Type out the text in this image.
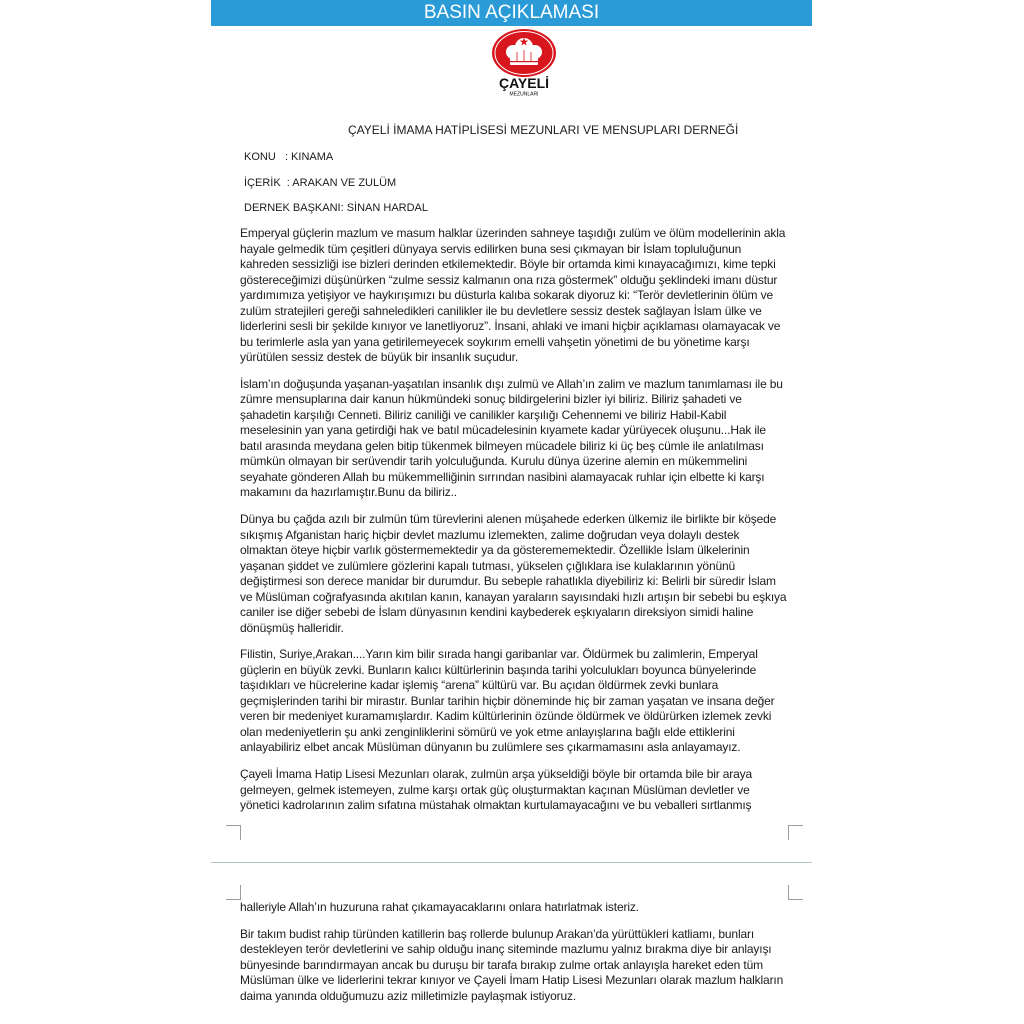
BASIN AÇIKLAMASI
ÇAYELİ
MEZUNLARI
ÇAYELİ İMAMA HATİPLİSESİ MEZUNLARI VE MENSUPLARI DERNEĞİ
KONU   : KINAMA
İÇERİK  : ARAKAN VE ZULÜM
DERNEK BAŞKANI: SİNAN HARDAL
Emperyal güçlerin mazlum ve masum halklar üzerinden sahneye taşıdığı zulüm ve ölüm modellerinin akla
hayale gelmedik tüm çeşitleri dünyaya servis edilirken buna sesi çıkmayan bir İslam topluluğunun
kahreden sessizliği ise bizleri derinden etkilemektedir. Böyle bir ortamda kimi kınayacağımızı, kime tepki
göstereceğimizi düşünürken “zulme sessiz kalmanın ona rıza göstermek” olduğu şeklindeki imanı düstur
yardımımıza yetişiyor ve haykırışımızı bu düsturla kalıba sokarak diyoruz ki: “Terör devletlerinin ölüm ve
zulüm stratejileri gereği sahneledikleri canilikler ile bu devletlere sessiz destek sağlayan İslam ülke ve
liderlerini sesli bir şekilde kınıyor ve lanetliyoruz”. İnsani, ahlaki ve imani hiçbir açıklaması olamayacak ve
bu terimlerle asla yan yana getirilemeyecek soykırım emelli vahşetin yönetimi de bu yönetime karşı
yürütülen sessiz destek de büyük bir insanlık suçudur.
İslam’ın doğuşunda yaşanan-yaşatılan insanlık dışı zulmü ve Allah’ın zalim ve mazlum tanımlaması ile bu
zümre mensuplarına dair kanun hükmündeki sonuç bildirgelerini bizler iyi biliriz. Biliriz şahadeti ve
şahadetin karşılığı Cenneti. Biliriz caniliği ve canilikler karşılığı Cehennemi ve biliriz Habil-Kabil
meselesinin yan yana getirdiği hak ve batıl mücadelesinin kıyamete kadar yürüyecek oluşunu...Hak ile
batıl arasında meydana gelen bitip tükenmek bilmeyen mücadele biliriz ki üç beş cümle ile anlatılması
mümkün olmayan bir serüvendir tarih yolculuğunda. Kurulu dünya üzerine alemin en mükemmelini
seyahate gönderen Allah bu mükemmelliğinin sırrından nasibini alamayacak ruhlar için elbette ki karşı
makamını da hazırlamıştır.Bunu da biliriz..
Dünya bu çağda azılı bir zulmün tüm türevlerini alenen müşahede ederken ülkemiz ile birlikte bir köşede
sıkışmış Afganistan hariç hiçbir devlet mazlumu izlemekten, zalime doğrudan veya dolaylı destek
olmaktan öteye hiçbir varlık göstermemektedir ya da gösterememektedir. Özellikle İslam ülkelerinin
yaşanan şiddet ve zulümlere gözlerini kapalı tutması, yükselen çığlıklara ise kulaklarının yönünü
değiştirmesi son derece manidar bir durumdur. Bu sebeple rahatlıkla diyebiliriz ki: Belirli bir süredir İslam
ve Müslüman coğrafyasında akıtılan kanın, kanayan yaraların sayısındaki hızlı artışın bir sebebi bu eşkıya
caniler ise diğer sebebi de İslam dünyasının kendini kaybederek eşkıyaların direksiyon simidi haline
dönüşmüş halleridir.
Filistin, Suriye,Arakan....Yarın kim bilir sırada hangi garibanlar var. Öldürmek bu zalimlerin, Emperyal
güçlerin en büyük zevki. Bunların kalıcı kültürlerinin başında tarihi yolculukları boyunca bünyelerinde
taşıdıkları ve hücrelerine kadar işlemiş “arena” kültürü var. Bu açıdan öldürmek zevki bunlara
geçmişlerinden tarihi bir mirastır. Bunlar tarihin hiçbir döneminde hiç bir zaman yaşatan ve insana değer
veren bir medeniyet kuramamışlardır. Kadim kültürlerinin özünde öldürmek ve öldürürken izlemek zevki
olan medeniyetlerin şu anki zenginliklerini sömürü ve yok etme anlayışlarına bağlı elde ettiklerini
anlayabiliriz elbet ancak Müslüman dünyanın bu zulümlere ses çıkarmamasını asla anlayamayız.
Çayeli İmama Hatip Lisesi Mezunları olarak, zulmün arşa yükseldiği böyle bir ortamda bile bir araya
gelmeyen, gelmek istemeyen, zulme karşı ortak güç oluşturmaktan kaçınan Müslüman devletler ve
yönetici kadrolarının zalim sıfatına müstahak olmaktan kurtulamayacağını ve bu veballeri sırtlanmış
halleriyle Allah’ın huzuruna rahat çıkamayacaklarını onlara hatırlatmak isteriz.
Bir takım budist rahip türünden katillerin baş rollerde bulunup Arakan’da yürüttükleri katliamı, bunları
destekleyen terör devletlerini ve sahip olduğu inanç siteminde mazlumu yalnız bırakma diye bir anlayışı
bünyesinde barındırmayan ancak bu duruşu bir tarafa bırakıp zulme ortak anlayışla hareket eden tüm
Müslüman ülke ve liderlerini tekrar kınıyor ve Çayeli İmam Hatip Lisesi Mezunları olarak mazlum halkların
daima yanında olduğumuzu aziz milletimizle paylaşmak istiyoruz.
